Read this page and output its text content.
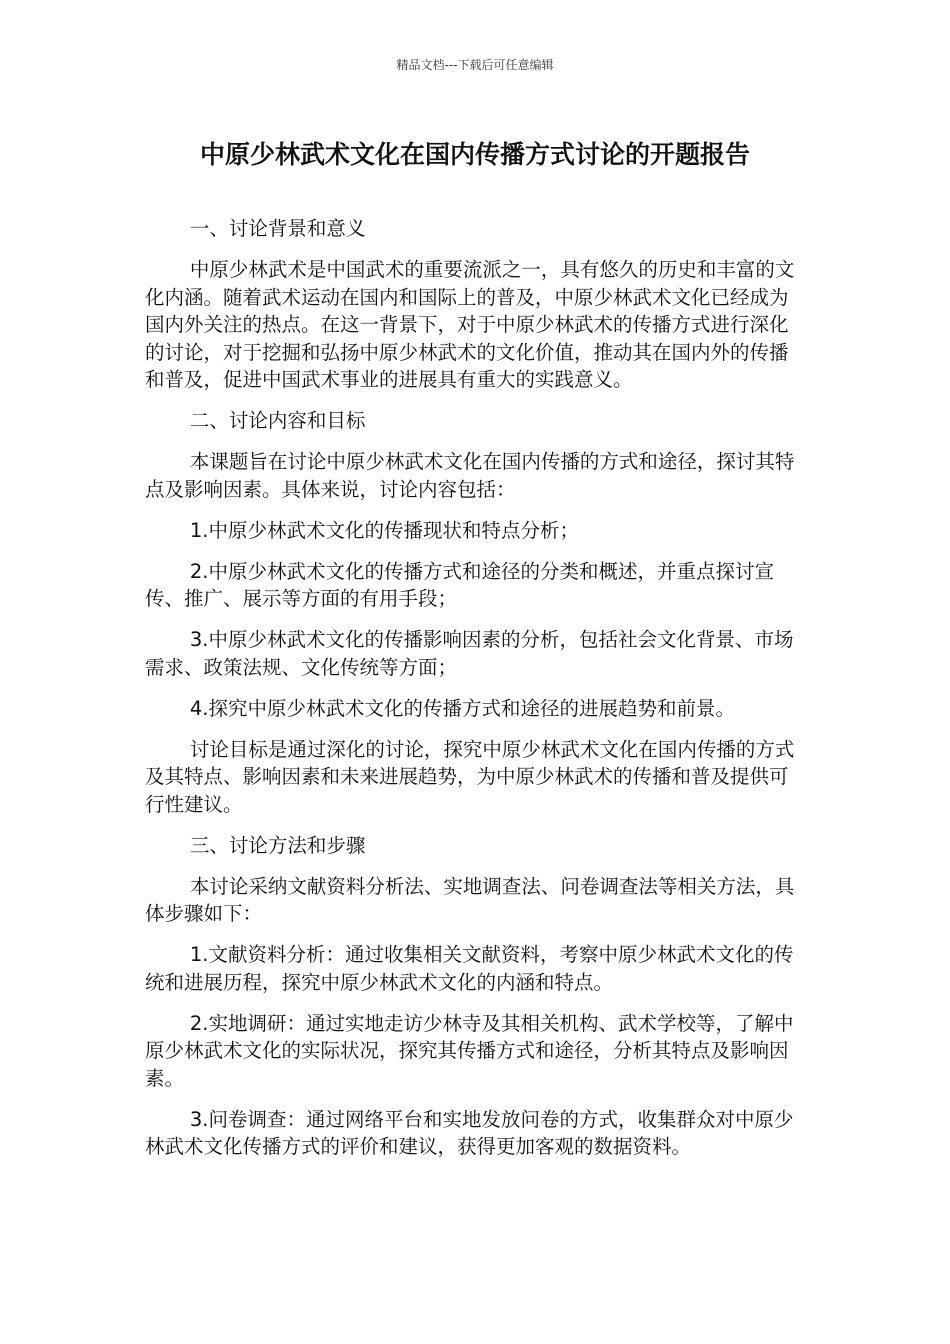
精品文档---下载后可任意编辑
中原少林武术文化在国内传播方式讨论的开题报告

一、讨论背景和意义

中原少林武术是中国武术的重要流派之一，具有悠久的历史和丰富的文化内涵。随着武术运动在国内和国际上的普及，中原少林武术文化已经成为国内外关注的热点。在这一背景下，对于中原少林武术的传播方式进行深化的讨论，对于挖掘和弘扬中原少林武术的文化价值，推动其在国内外的传播和普及，促进中国武术事业的进展具有重大的实践意义。

二、讨论内容和目标

本课题旨在讨论中原少林武术文化在国内传播的方式和途径，探讨其特点及影响因素。具体来说，讨论内容包括：

1.中原少林武术文化的传播现状和特点分析；

2.中原少林武术文化的传播方式和途径的分类和概述，并重点探讨宣传、推广、展示等方面的有用手段；

3.中原少林武术文化的传播影响因素的分析，包括社会文化背景、市场需求、政策法规、文化传统等方面；

4.探究中原少林武术文化的传播方式和途径的进展趋势和前景。

讨论目标是通过深化的讨论，探究中原少林武术文化在国内传播的方式及其特点、影响因素和未来进展趋势，为中原少林武术的传播和普及提供可行性建议。

三、讨论方法和步骤

本讨论采纳文献资料分析法、实地调查法、问卷调查法等相关方法，具体步骤如下：

1.文献资料分析：通过收集相关文献资料，考察中原少林武术文化的传统和进展历程，探究中原少林武术文化的内涵和特点。

2.实地调研：通过实地走访少林寺及其相关机构、武术学校等，了解中原少林武术文化的实际状况，探究其传播方式和途径，分析其特点及影响因素。

3.问卷调查：通过网络平台和实地发放问卷的方式，收集群众对中原少林武术文化传播方式的评价和建议，获得更加客观的数据资料。
